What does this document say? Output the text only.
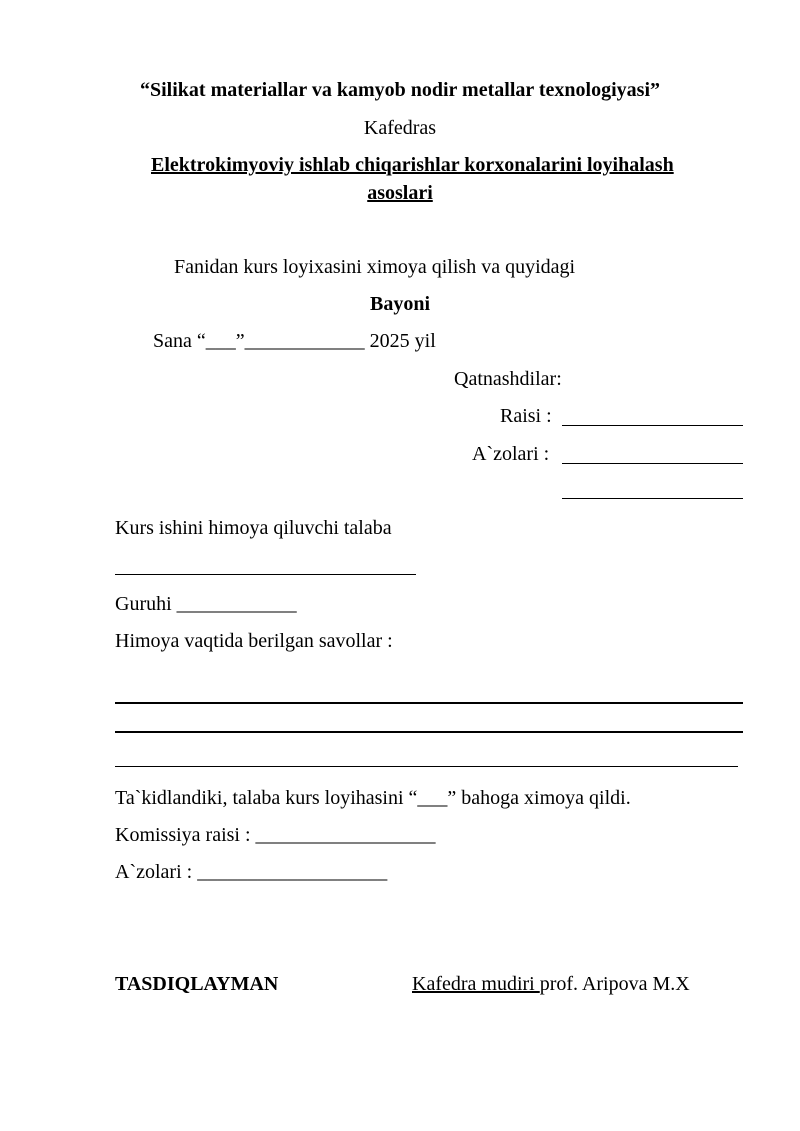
“Silikat materiallar va kamyob nodir metallar texnologiyasi”
Kafedras
Elektrokimyoviy ishlab chiqarishlar korxonalarini loyihalash
asoslari
Fanidan kurs loyixasini ximoya qilish va quyidagi
Bayoni
Sana “___”____________ 2025 yil
Qatnashdilar:
Raisi :
A`zolari :
Kurs ishini himoya qiluvchi talaba
Guruhi ____________
Himoya vaqtida berilgan savollar :
Ta`kidlandiki, talaba kurs loyihasini “___” bahoga ximoya qildi.
Komissiya raisi : __________________
A`zolari : ___________________
TASDIQLAYMAN	Kafedra mudiri prof. Aripova M.X
